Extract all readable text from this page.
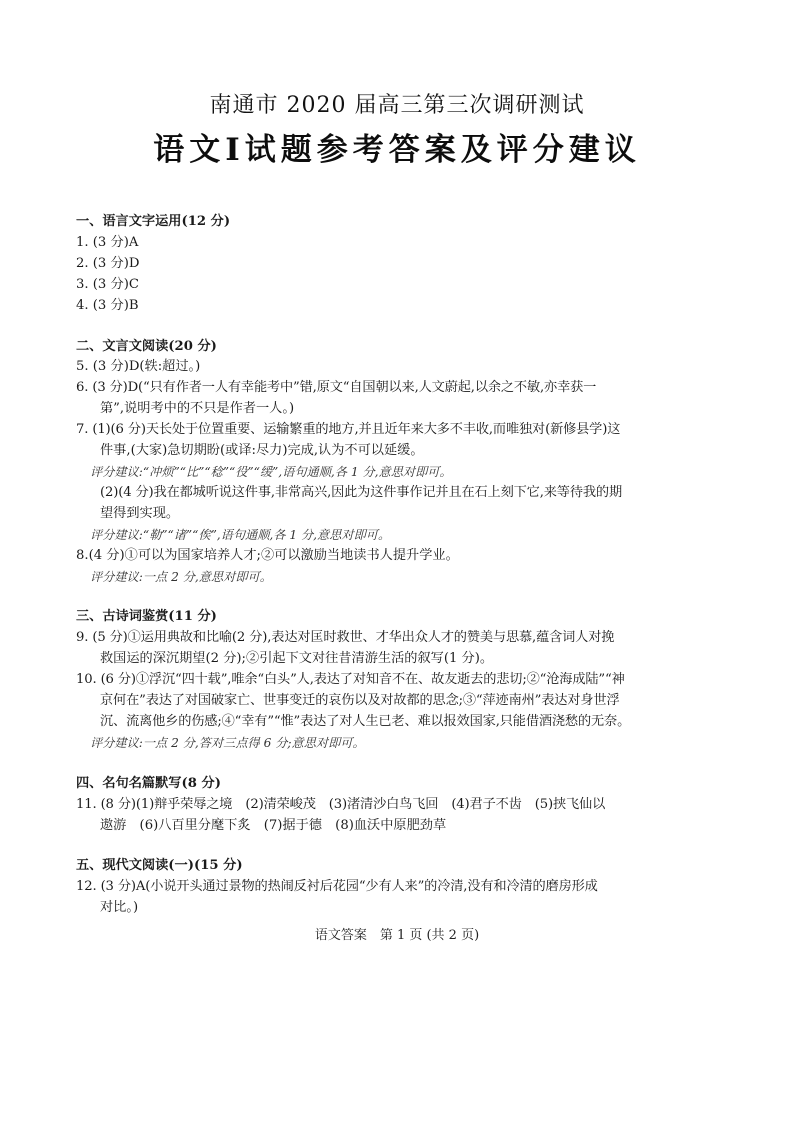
南通市 2020 届高三第三次调研测试
语文Ⅰ试题参考答案及评分建议
一、语言文字运用(12 分)
1. (3 分)A
2. (3 分)D
3. (3 分)C
4. (3 分)B
二、文言文阅读(20 分)
5. (3 分)D(轶:超过。)
6. (3 分)D(“只有作者一人有幸能考中”错,原文“自国朝以来,人文蔚起,以余之不敏,亦幸获一
第”,说明考中的不只是作者一人。)
7. (1)(6 分)天长处于位置重要、运输繁重的地方,并且近年来大多不丰收,而唯独对(新修县学)这
件事,(大家)急切期盼(或译:尽力)完成,认为不可以延缓。
评分建议:“冲烦”“比”“稔”“役”“缓”,语句通顺,各 1 分,意思对即可。
(2)(4 分)我在都城听说这件事,非常高兴,因此为这件事作记并且在石上刻下它,来等待我的期
望得到实现。
评分建议:“勒”“诸”“俟”,语句通顺,各 1 分,意思对即可。
8.(4 分)①可以为国家培养人才;②可以激励当地读书人提升学业。
评分建议:一点 2 分,意思对即可。
三、古诗词鉴赏(11 分)
9. (5 分)①运用典故和比喻(2 分),表达对匡时救世、才华出众人才的赞美与思慕,蕴含词人对挽
救国运的深沉期望(2 分);②引起下文对往昔清游生活的叙写(1 分)。
10. (6 分)①浮沉“四十载”,唯余“白头”人,表达了对知音不在、故友逝去的悲切;②“沧海成陆”“神
京何在”表达了对国破家亡、世事变迁的哀伤以及对故都的思念;③“萍迹南州”表达对身世浮
沉、流离他乡的伤感;④“幸有”“惟”表达了对人生已老、难以报效国家,只能借酒浇愁的无奈。
评分建议:一点 2 分,答对三点得 6 分;意思对即可。
四、名句名篇默写(8 分)
11. (8 分)(1)辩乎荣辱之境　(2)清荣峻茂　(3)渚清沙白鸟飞回　(4)君子不齿　(5)挟飞仙以
遨游　(6)八百里分麾下炙　(7)据于德　(8)血沃中原肥劲草
五、现代文阅读(一)(15 分)
12. (3 分)A(小说开头通过景物的热闹反衬后花园“少有人来”的冷清,没有和冷清的磨房形成
对比。)
语文答案　第 1 页 (共 2 页)
